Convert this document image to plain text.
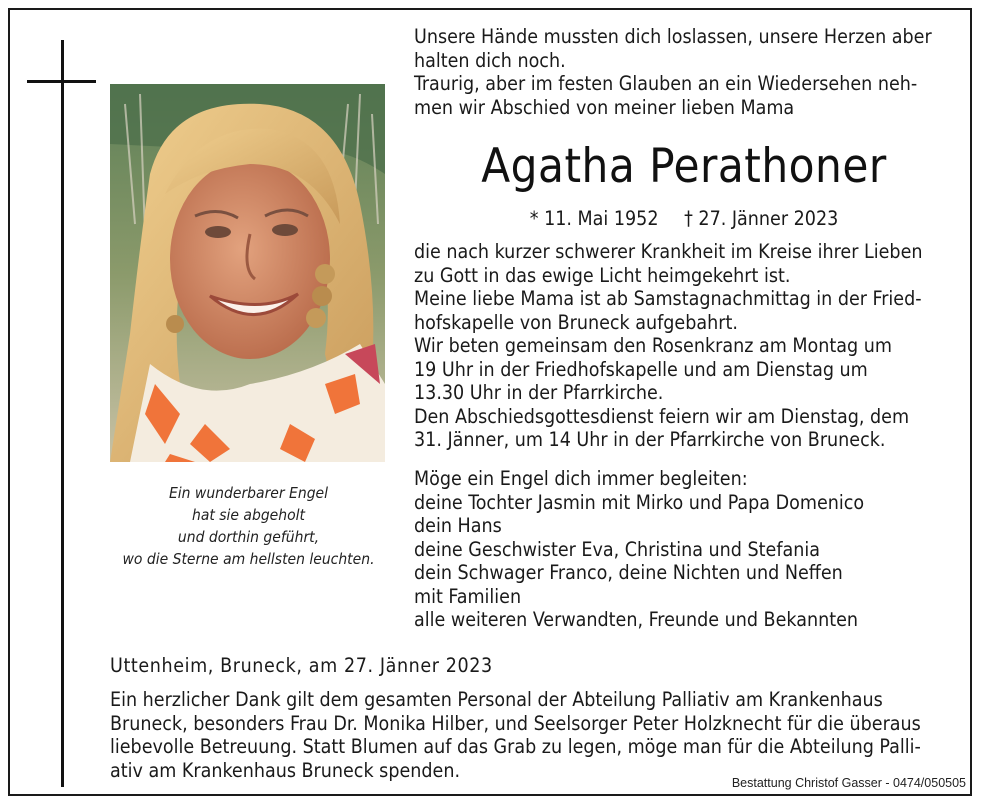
Ein wunderbarer Engel
hat sie abgeholt
und dorthin geführt,
wo die Sterne am hellsten leuchten.
Unsere Hände mussten dich loslassen, unsere Herzen aber
halten dich noch.
Traurig, aber im festen Glauben an ein Wiedersehen neh-
men wir Abschied von meiner lieben Mama
Agatha Perathoner
* 11. Mai 1952 † 27. Jänner 2023
die nach kurzer schwerer Krankheit im Kreise ihrer Lieben
zu Gott in das ewige Licht heimgekehrt ist.
Meine liebe Mama ist ab Samstagnachmittag in der Fried-
hofskapelle von Bruneck aufgebahrt.
Wir beten gemeinsam den Rosenkranz am Montag um
19 Uhr in der Friedhofskapelle und am Dienstag um
13.30 Uhr in der Pfarrkirche.
Den Abschiedsgottesdienst feiern wir am Dienstag, dem
31. Jänner, um 14 Uhr in der Pfarrkirche von Bruneck.
Möge ein Engel dich immer begleiten:
deine Tochter Jasmin mit Mirko und Papa Domenico
dein Hans
deine Geschwister Eva, Christina und Stefania
dein Schwager Franco, deine Nichten und Neffen
mit Familien
alle weiteren Verwandten, Freunde und Bekannten
Uttenheim, Bruneck, am 27. Jänner 2023
Ein herzlicher Dank gilt dem gesamten Personal der Abteilung Palliativ am Krankenhaus
Bruneck, besonders Frau Dr. Monika Hilber, und Seelsorger Peter Holzknecht für die überaus
liebevolle Betreuung. Statt Blumen auf das Grab zu legen, möge man für die Abteilung Palli-
ativ am Krankenhaus Bruneck spenden.
Bestattung Christof Gasser - 0474/050505
